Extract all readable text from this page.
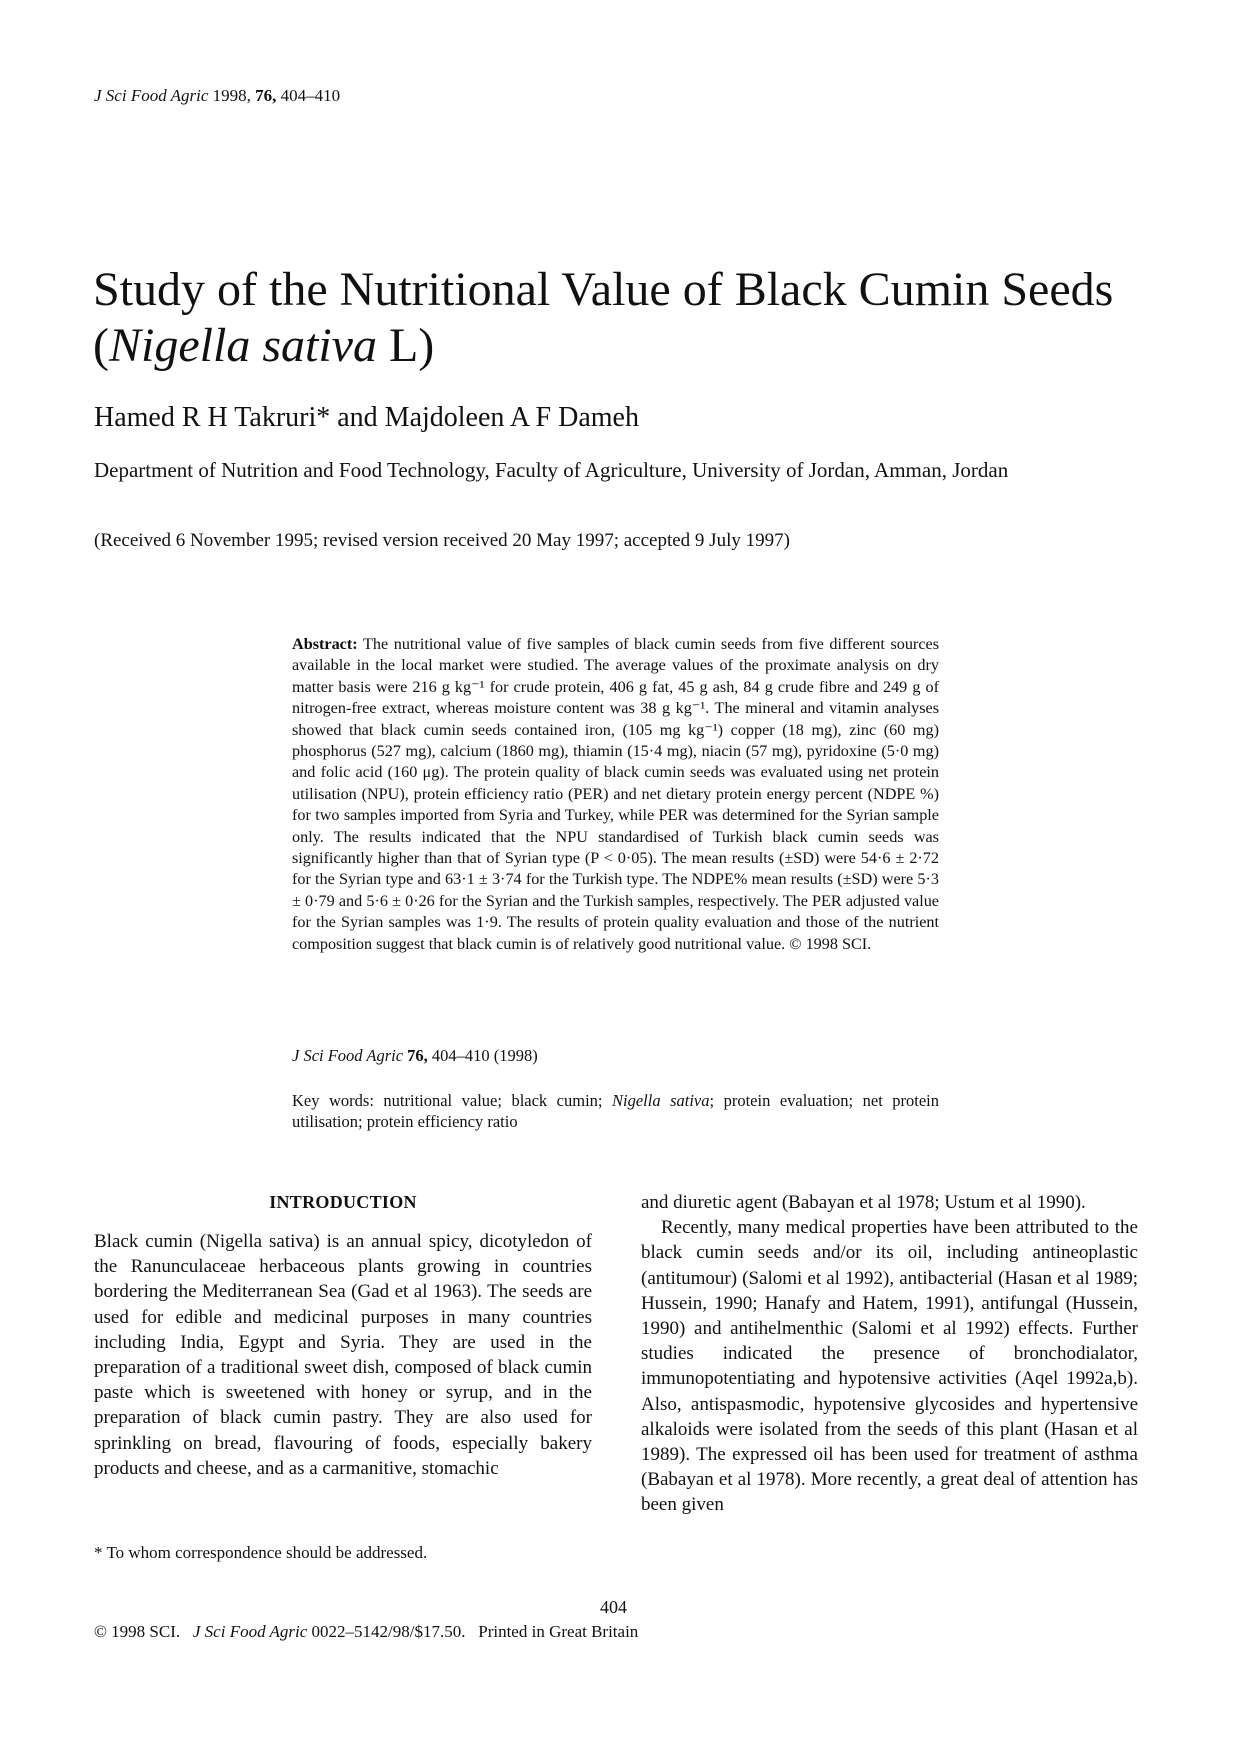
J Sci Food Agric 1998, 76, 404–410
Study of the Nutritional Value of Black Cumin Seeds (Nigella sativa L)
Hamed R H Takruri* and Majdoleen A F Dameh
Department of Nutrition and Food Technology, Faculty of Agriculture, University of Jordan, Amman, Jordan
(Received 6 November 1995; revised version received 20 May 1997; accepted 9 July 1997)
Abstract: The nutritional value of five samples of black cumin seeds from five different sources available in the local market were studied. The average values of the proximate analysis on dry matter basis were 216 g kg⁻¹ for crude protein, 406 g fat, 45 g ash, 84 g crude fibre and 249 g of nitrogen-free extract, whereas moisture content was 38 g kg⁻¹. The mineral and vitamin analyses showed that black cumin seeds contained iron, (105 mg kg⁻¹) copper (18 mg), zinc (60 mg) phosphorus (527 mg), calcium (1860 mg), thiamin (15·4 mg), niacin (57 mg), pyridoxine (5·0 mg) and folic acid (160 μg). The protein quality of black cumin seeds was evaluated using net protein utilisation (NPU), protein efficiency ratio (PER) and net dietary protein energy percent (NDPE %) for two samples imported from Syria and Turkey, while PER was determined for the Syrian sample only. The results indicated that the NPU standardised of Turkish black cumin seeds was significantly higher than that of Syrian type (P < 0·05). The mean results (±SD) were 54·6 ± 2·72 for the Syrian type and 63·1 ± 3·74 for the Turkish type. The NDPE% mean results (±SD) were 5·3 ± 0·79 and 5·6 ± 0·26 for the Syrian and the Turkish samples, respectively. The PER adjusted value for the Syrian samples was 1·9. The results of protein quality evaluation and those of the nutrient composition suggest that black cumin is of relatively good nutritional value. © 1998 SCI.
J Sci Food Agric 76, 404–410 (1998)
Key words: nutritional value; black cumin; Nigella sativa; protein evaluation; net protein utilisation; protein efficiency ratio
INTRODUCTION

Black cumin (Nigella sativa) is an annual spicy, dicotyledon of the Ranunculaceae herbaceous plants growing in countries bordering the Mediterranean Sea (Gad et al 1963). The seeds are used for edible and medicinal purposes in many countries including India, Egypt and Syria. They are used in the preparation of a traditional sweet dish, composed of black cumin paste which is sweetened with honey or syrup, and in the preparation of black cumin pastry. They are also used for sprinkling on bread, flavouring of foods, especially bakery products and cheese, and as a carmanitive, stomachic

and diuretic agent (Babayan et al 1978; Ustum et al 1990).

Recently, many medical properties have been attributed to the black cumin seeds and/or its oil, including antineoplastic (antitumour) (Salomi et al 1992), antibacterial (Hasan et al 1989; Hussein, 1990; Hanafy and Hatem, 1991), antifungal (Hussein, 1990) and antihelmenthic (Salomi et al 1992) effects. Further studies indicated the presence of bronchodialator, immunopotentiating and hypotensive activities (Aqel 1992a,b). Also, antispasmodic, hypotensive glycosides and hypertensive alkaloids were isolated from the seeds of this plant (Hasan et al 1989). The expressed oil has been used for treatment of asthma (Babayan et al 1978). More recently, a great deal of attention has been given

* To whom correspondence should be addressed.
404
© 1998 SCI. J Sci Food Agric 0022–5142/98/$17.50. Printed in Great Britain
